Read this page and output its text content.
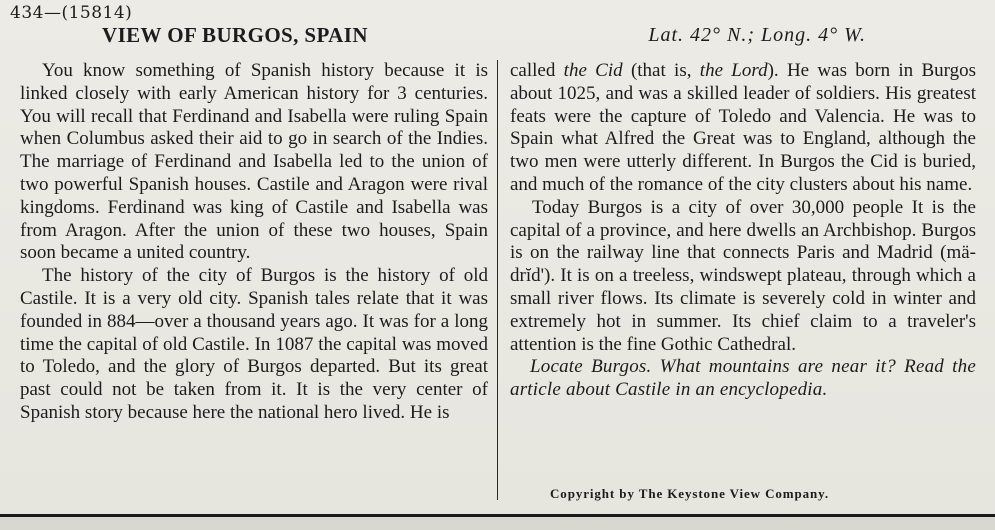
434—(15814)
VIEW OF BURGOS, SPAIN	Lat. 42° N.; Long. 4° W.

You know something of Spanish history because it is linked closely with early American history for 3 centuries. You will recall that Ferdinand and Isabella were ruling Spain when Columbus asked their aid to go in search of the Indies. The marriage of Ferdinand and Isabella led to the union of two powerful Spanish houses. Castile and Aragon were rival kingdoms. Ferdinand was king of Castile and Isabella was from Aragon. After the union of these two houses, Spain soon became a united country.

The history of the city of Burgos is the history of old Castile. It is a very old city. Spanish tales relate that it was founded in 884—over a thousand years ago. It was for a long time the capital of old Castile. In 1087 the capital was moved to Toledo, and the glory of Burgos departed. But its great past could not be taken from it. It is the very center of Spanish story because here the national hero lived. He is

called the Cid (that is, the Lord). He was born in Burgos about 1025, and was a skilled leader of soldiers. His greatest feats were the capture of Toledo and Valencia. He was to Spain what Alfred the Great was to England, although the two men were utterly different. In Burgos the Cid is buried, and much of the romance of the city clusters about his name.

Today Burgos is a city of over 30,000 people It is the capital of a province, and here dwells an Archbishop. Burgos is on the railway line that connects Paris and Madrid (mä-drĭd'). It is on a treeless, windswept plateau, through which a small river flows. Its climate is severely cold in winter and extremely hot in summer. Its chief claim to a traveler's attention is the fine Gothic Cathedral.

Locate Burgos. What mountains are near it? Read the article about Castile in an encyclopedia.

Copyright by The Keystone View Company.
